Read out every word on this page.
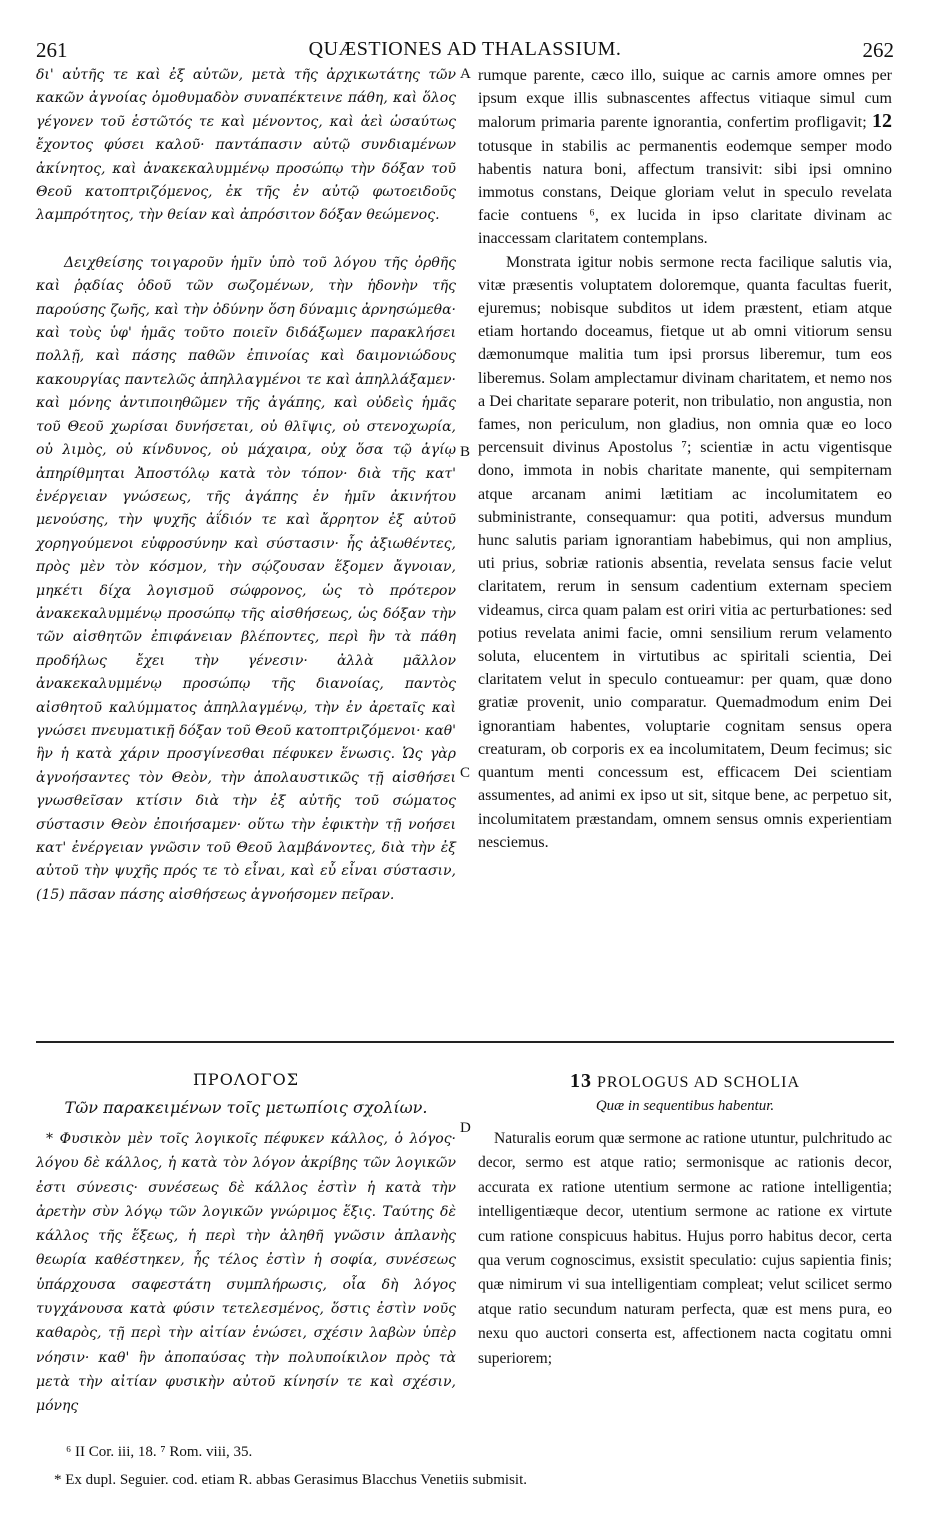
261	QUÆSTIONES AD THALASSIUM.	262

δι' αὐτῆς τε καὶ ἐξ αὐτῶν, μετὰ τῆς ἀρχικωτάτης τῶν κακῶν ἀγνοίας ὁμοθυμαδὸν συναπέκτεινε πάθη, καὶ ὅλος γέγονεν τοῦ ἑστῶτός τε καὶ μένοντος, καὶ ἀεὶ ὡσαύτως ἔχοντος φύσει καλοῦ· παντάπασιν αὐτῷ συνδιαμένων ἀκίνητος, καὶ ἀνακεκαλυμμένῳ προσώπῳ τὴν δόξαν τοῦ Θεοῦ κατοπτριζόμενος, ἐκ τῆς ἐν αὐτῷ φωτοειδοῦς λαμπρότητος, τὴν θείαν καὶ ἀπρόσιτον δόξαν θεώμενος.

Δειχθείσης τοιγαροῦν ἡμῖν ὑπὸ τοῦ λόγου τῆς ὀρθῆς καὶ ῥᾳδίας ὁδοῦ τῶν σωζομένων, τὴν ἡδονὴν τῆς παρούσης ζωῆς, καὶ τὴν ὀδύνην ὅση δύναμις ἀρνησώμεθα· καὶ τοὺς ὑφ' ἡμᾶς τοῦτο ποιεῖν διδάξωμεν παρακλήσει πολλῇ, καὶ πάσης παθῶν ἐπινοίας καὶ δαιμονιώδους κακουργίας παντελῶς ἀπηλλαγμένοι τε καὶ ἀπηλλάξαμεν· καὶ μόνης ἀντιποιηθῶμεν τῆς ἀγάπης, καὶ οὐδεὶς ἡμᾶς τοῦ Θεοῦ χωρίσαι δυνήσεται, οὐ θλῖψις, οὐ στενοχωρία, οὐ λιμὸς, οὐ κίνδυνος, οὐ μάχαιρα, οὐχ ὅσα τῷ ἁγίῳ ἀπηρίθμηται Ἀποστόλῳ κατὰ τὸν τόπον· διὰ τῆς κατ' ἐνέργειαν γνώσεως, τῆς ἀγάπης ἐν ἡμῖν ἀκινήτου μενούσης, τὴν ψυχῆς ἀΐδιόν τε καὶ ἄρρητον ἐξ αὐτοῦ χορηγούμενοι εὐφροσύνην καὶ σύστασιν· ἧς ἀξιωθέντες, πρὸς μὲν τὸν κόσμον, τὴν σῴζουσαν ἕξομεν ἄγνοιαν, μηκέτι δίχα λογισμοῦ σώφρονος, ὡς τὸ πρότερον ἀνακεκαλυμμένῳ προσώπῳ τῆς αἰσθήσεως, ὡς δόξαν τὴν τῶν αἰσθητῶν ἐπιφάνειαν βλέποντες, περὶ ἣν τὰ πάθη προδήλως ἔχει τὴν γένεσιν· ἀλλὰ μᾶλλον ἀνακεκαλυμμένῳ προσώπῳ τῆς διανοίας, παντὸς αἰσθητοῦ καλύμματος ἀπηλλαγμένῳ, τὴν ἐν ἀρεταῖς καὶ γνώσει πνευματικῇ δόξαν τοῦ Θεοῦ κατοπτριζόμενοι· καθ' ἣν ἡ κατὰ χάριν προσγίνεσθαι πέφυκεν ἕνωσις. Ὡς γὰρ ἀγνοήσαντες τὸν Θεὸν, τὴν ἀπολαυστικῶς τῇ αἰσθήσει γνωσθεῖσαν κτίσιν διὰ τὴν ἐξ αὐτῆς τοῦ σώματος σύστασιν Θεὸν ἐποιήσαμεν· οὕτω τὴν ἐφικτὴν τῇ νοήσει κατ' ἐνέργειαν γνῶσιν τοῦ Θεοῦ λαμβάνοντες, διὰ τὴν ἐξ αὐτοῦ τὴν ψυχῆς πρός τε τὸ εἶναι, καὶ εὖ εἶναι σύστασιν, (15) πᾶσαν πάσης αἰσθήσεως ἀγνοήσομεν πεῖραν.

A
B
C
D

rumque parente, cæco illo, suique ac carnis amore omnes per ipsum exque illis subnascentes affectus vitiaque simul cum malorum primaria parente ignorantia, confertim profligavit; 12 totusque in stabilis ac permanentis eodemque semper modo habentis natura boni, affectum transivit: sibi ipsi omnino immotus constans, Deique gloriam velut in speculo revelata facie contuens ⁶, ex lucida in ipso claritate divinam ac inaccessam claritatem contemplans.

Monstrata igitur nobis sermone recta facilique salutis via, vitæ præsentis voluptatem doloremque, quanta facultas fuerit, ejuremus; nobisque subditos ut idem præstent, etiam atque etiam hortando doceamus, fietque ut ab omni vitiorum sensu dæmonumque malitia tum ipsi prorsus liberemur, tum eos liberemus. Solam amplectamur divinam charitatem, et nemo nos a Dei charitate separare poterit, non tribulatio, non angustia, non fames, non periculum, non gladius, non omnia quæ eo loco percensuit divinus Apostolus ⁷; scientiæ in actu vigentisque dono, immota in nobis charitate manente, qui sempiternam atque arcanam animi lætitiam ac incolumitatem eo subministrante, consequamur: qua potiti, adversus mundum hunc salutis pariam ignorantiam habebimus, qui non amplius, uti prius, sobriæ rationis absentia, revelata sensus facie velut claritatem, rerum in sensum cadentium externam speciem videamus, circa quam palam est oriri vitia ac perturbationes: sed potius revelata animi facie, omni sensilium rerum velamento soluta, elucentem in virtutibus ac spiritali scientia, Dei claritatem velut in speculo contueamur: per quam, quæ dono gratiæ provenit, unio comparatur. Quemadmodum enim Dei ignorantiam habentes, voluptarie cognitam sensus opera creaturam, ob corporis ex ea incolumitatem, Deum fecimus; sic quantum menti concessum est, efficacem Dei scientiam assumentes, ad animi ex ipso ut sit, sitque bene, ac perpetuo sit, incolumitatem præstandam, omnem sensus omnis experientiam nesciemus.

ΠΡΟΛΟΓΟΣ
Τῶν παρακειμένων τοῖς μετωπίοις σχολίων.
13 PROLOGUS AD SCHOLIA
Quæ in sequentibus habentur.

* Φυσικὸν μὲν τοῖς λογικοῖς πέφυκεν κάλλος, ὁ λόγος· λόγου δὲ κάλλος, ἡ κατὰ τὸν λόγον ἀκρίβης τῶν λογικῶν ἐστι σύνεσις· συνέσεως δὲ κάλλος ἐστὶν ἡ κατὰ τὴν ἀρετὴν σὺν λόγῳ τῶν λογικῶν γνώριμος ἕξις. Ταύτης δὲ κάλλος τῆς ἕξεως, ἡ περὶ τὴν ἀληθῆ γνῶσιν ἀπλανὴς θεωρία καθέστηκεν, ἧς τέλος ἐστὶν ἡ σοφία, συνέσεως ὑπάρχουσα σαφεστάτη συμπλήρωσις, οἷα δὴ λόγος τυγχάνουσα κατὰ φύσιν τετελεσμένος, ὅστις ἐστὶν νοῦς καθαρὸς, τῇ περὶ τὴν αἰτίαν ἑνώσει, σχέσιν λαβὼν ὑπὲρ νόησιν· καθ' ἣν ἀποπαύσας τὴν πολυποίκιλον πρὸς τὰ μετὰ τὴν αἰτίαν φυσικὴν αὐτοῦ κίνησίν τε καὶ σχέσιν, μόνης

Naturalis eorum quæ sermone ac ratione utuntur, pulchritudo ac decor, sermo est atque ratio; sermonisque ac rationis decor, accurata ex ratione utentium sermone ac ratione intelligentia; intelligentiæque decor, utentium sermone ac ratione ex virtute cum ratione conspicuus habitus. Hujus porro habitus decor, certa qua verum cognoscimus, exsistit speculatio: cujus sapientia finis; quæ nimirum vi sua intelligentiam compleat; velut scilicet sermo atque ratio secundum naturam perfecta, quæ est mens pura, eo nexu quo auctori conserta est, affectionem nacta cogitatu omni superiorem;

⁶ II Cor. iii, 18. ⁷ Rom. viii, 35.
* Ex dupl. Seguier. cod. etiam R. abbas Gerasimus Blacchus Venetiis submisit.
